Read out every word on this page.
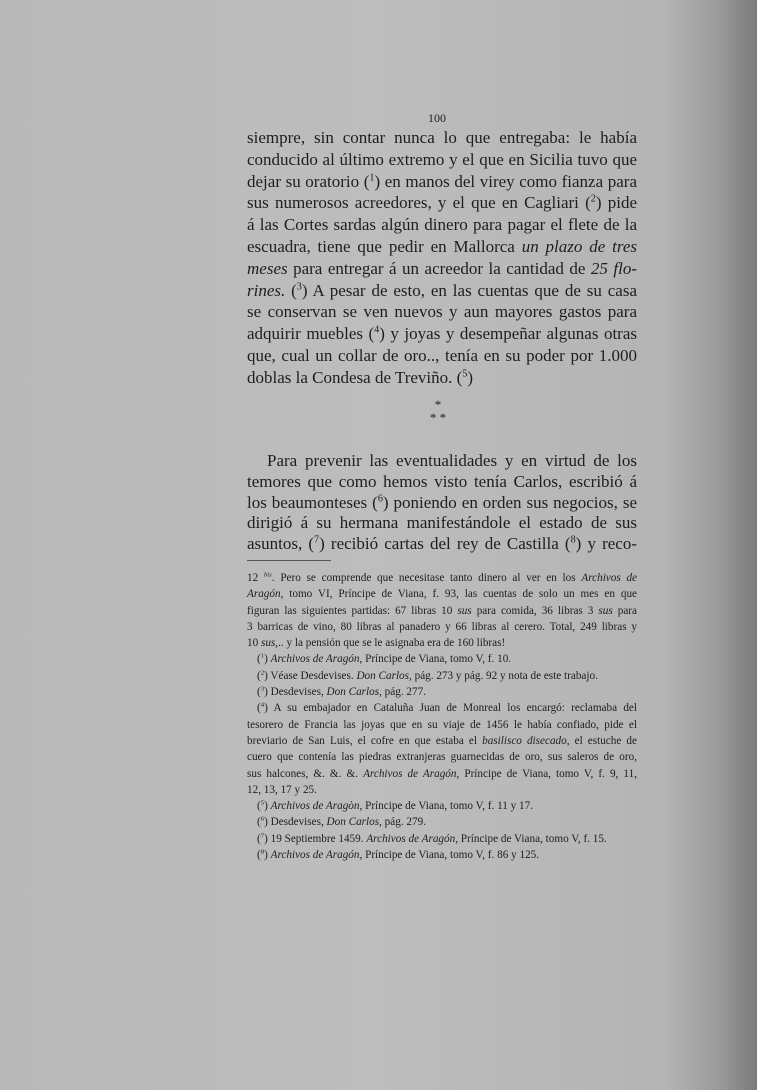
100
siempre, sin contar nunca lo que entregaba: le había
conducido al último extremo y el que en Sicilia tuvo que
dejar su oratorio ($^1$) en manos del virey como fianza para
sus numerosos acreedores, y el que en Cagliari ($^2$) pide
á las Cortes sardas algún dinero para pagar el flete de la
escuadra, tiene que pedir en Mallorca un plazo de tres
meses para entregar á un acreedor la cantidad de 25 flo-
rines. ($^3$) A pesar de esto, en las cuentas que de su casa
se conservan se ven nuevos y aun mayores gastos para
adquirir muebles ($^4$) y joyas y desempeñar algunas otras
que, cual un collar de oro.., tenía en su poder por 1.000
doblas la Condesa de Treviño. ($^5$)
*
* *
Para prevenir las eventualidades y en virtud de los
temores que como hemos visto tenía Carlos, escribió á
los beaumonteses ($^6$) poniendo en orden sus negocios, se
dirigió á su hermana manifestándole el estado de sus
asuntos, ($^7$) recibió cartas del rey de Castilla ($^8$) y reco-
12 $^{bis}$. Pero se comprende que necesitase tanto dinero al ver en los Archivos de
Aragón, tomo VI, Príncipe de Viana, f. 93, las cuentas de solo un mes en que
figuran las siguientes partidas: 67 libras 10 sus para comida, 36 libras 3 sus para
3 barricas de vino, 80 libras al panadero y 66 libras al cerero. Total, 249 libras y
10 sus,.. y la pensión que se le asignaba era de 160 libras!
($^1$) Archivos de Aragón, Príncipe de Viana, tomo V, f. 10.
($^2$) Véase Desdevises. Don Carlos, pág. 273 y pág. 92 y nota de este trabajo.
($^3$) Desdevises, Don Carlos, pág. 277.
($^4$) A su embajador en Cataluña Juan de Monreal los encargó: reclamaba del
tesorero de Francia las joyas que en su viaje de 1456 le había confiado, pide el
breviario de San Luis, el cofre en que estaba el basilisco disecado, el estuche de
cuero que contenía las piedras extranjeras guarnecidas de oro, sus saleros de oro,
sus halcones, &. &. &. Archivos de Aragón, Príncipe de Viana, tomo V, f. 9, 11,
12, 13, 17 y 25.
($^5$) Archivos de Aragòn, Príncipe de Viana, tomo V, f. 11 y 17.
($^6$) Desdevises, Don Carlos, pág. 279.
($^7$) 19 Septiembre 1459. Archivos de Aragón, Príncipe de Viana, tomo V, f. 15.
($^8$) Archivos de Aragón, Príncipe de Viana, tomo V, f. 86 y 125.
